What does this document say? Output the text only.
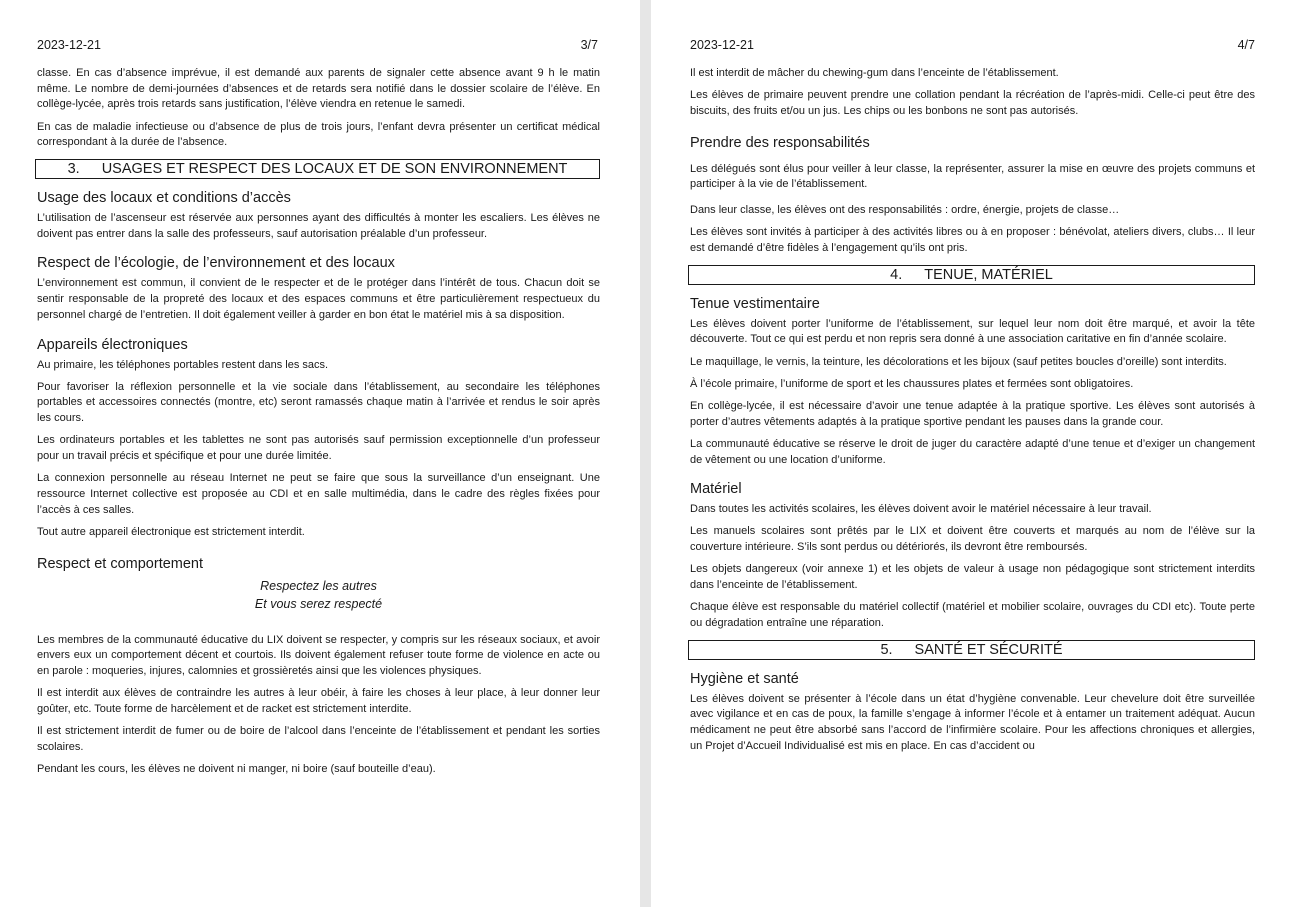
2023-12-21	3/7

classe. En cas d’absence imprévue, il est demandé aux parents de signaler cette absence avant 9 h le matin même. Le nombre de demi-journées d’absences et de retards sera notifié dans le dossier scolaire de l’élève. En collège-lycée, après trois retards sans justification, l’élève viendra en retenue le samedi.

En cas de maladie infectieuse ou d’absence de plus de trois jours, l’enfant devra présenter un certificat médical correspondant à la durée de l’absence.

3. USAGES ET RESPECT DES LOCAUX ET DE SON ENVIRONNEMENT
Usage des locaux et conditions d’accès

L’utilisation de l’ascenseur est réservée aux personnes ayant des difficultés à monter les escaliers. Les élèves ne doivent pas entrer dans la salle des professeurs, sauf autorisation préalable d’un professeur.

Respect de l’écologie, de l’environnement et des locaux

L’environnement est commun, il convient de le respecter et de le protéger dans l’intérêt de tous. Chacun doit se sentir responsable de la propreté des locaux et des espaces communs et être particulièrement respectueux du personnel chargé de l’entretien. Il doit également veiller à garder en bon état le matériel mis à sa disposition.

Appareils électroniques

Au primaire, les téléphones portables restent dans les sacs.

Pour favoriser la réflexion personnelle et la vie sociale dans l’établissement, au secondaire les téléphones portables et accessoires connectés (montre, etc) seront ramassés chaque matin à l’arrivée et rendus le soir après les cours.

Les ordinateurs portables et les tablettes ne sont pas autorisés sauf permission exceptionnelle d’un professeur pour un travail précis et spécifique et pour une durée limitée.

La connexion personnelle au réseau Internet ne peut se faire que sous la surveillance d’un enseignant. Une ressource Internet collective est proposée au CDI et en salle multimédia, dans le cadre des règles fixées pour l’accès à ces salles.

Tout autre appareil électronique est strictement interdit.

Respect et comportement
Respectez les autres
Et vous serez respecté

Les membres de la communauté éducative du LIX doivent se respecter, y compris sur les réseaux sociaux, et avoir envers eux un comportement décent et courtois. Ils doivent également refuser toute forme de violence en acte ou en parole : moqueries, injures, calomnies et grossièretés ainsi que les violences physiques.

Il est interdit aux élèves de contraindre les autres à leur obéir, à faire les choses à leur place, à leur donner leur goûter, etc. Toute forme de harcèlement et de racket est strictement interdite.

Il est strictement interdit de fumer ou de boire de l’alcool dans l’enceinte de l’établissement et pendant les sorties scolaires.

Pendant les cours, les élèves ne doivent ni manger, ni boire (sauf bouteille d’eau).

2023-12-21	4/7

Il est interdit de mâcher du chewing-gum dans l’enceinte de l’établissement.

Les élèves de primaire peuvent prendre une collation pendant la récréation de l’après-midi. Celle-ci peut être des biscuits, des fruits et/ou un jus. Les chips ou les bonbons ne sont pas autorisés.

Prendre des responsabilités

Les délégués sont élus pour veiller à leur classe, la représenter, assurer la mise en œuvre des projets communs et participer à la vie de l’établissement.

Dans leur classe, les élèves ont des responsabilités : ordre, énergie, projets de classe…

Les élèves sont invités à participer à des activités libres ou à en proposer : bénévolat, ateliers divers, clubs… Il leur est demandé d’être fidèles à l’engagement qu’ils ont pris.

4. TENUE, MATÉRIEL
Tenue vestimentaire

Les élèves doivent porter l’uniforme de l’établissement, sur lequel leur nom doit être marqué, et avoir la tête découverte. Tout ce qui est perdu et non repris sera donné à une association caritative en fin d’année scolaire.

Le maquillage, le vernis, la teinture, les décolorations et les bijoux (sauf petites boucles d’oreille) sont interdits.

À l’école primaire, l’uniforme de sport et les chaussures plates et fermées sont obligatoires.

En collège-lycée, il est nécessaire d’avoir une tenue adaptée à la pratique sportive. Les élèves sont autorisés à porter d’autres vêtements adaptés à la pratique sportive pendant les pauses dans la grande cour.

La communauté éducative se réserve le droit de juger du caractère adapté d’une tenue et d’exiger un changement de vêtement ou une location d’uniforme.

Matériel

Dans toutes les activités scolaires, les élèves doivent avoir le matériel nécessaire à leur travail.

Les manuels scolaires sont prêtés par le LIX et doivent être couverts et marqués au nom de l’élève sur la couverture intérieure. S’ils sont perdus ou détériorés, ils devront être remboursés.

Les objets dangereux (voir annexe 1) et les objets de valeur à usage non pédagogique sont strictement interdits dans l’enceinte de l’établissement.

Chaque élève est responsable du matériel collectif (matériel et mobilier scolaire, ouvrages du CDI etc). Toute perte ou dégradation entraîne une réparation.

5. SANTÉ ET SÉCURITÉ
Hygiène et santé

Les élèves doivent se présenter à l’école dans un état d’hygiène convenable. Leur chevelure doit être surveillée avec vigilance et en cas de poux, la famille s’engage à informer l’école et à entamer un traitement adéquat. Aucun médicament ne peut être absorbé sans l’accord de l’infirmière scolaire. Pour les affections chroniques et allergies, un Projet d’Accueil Individualisé est mis en place. En cas d’accident ou
